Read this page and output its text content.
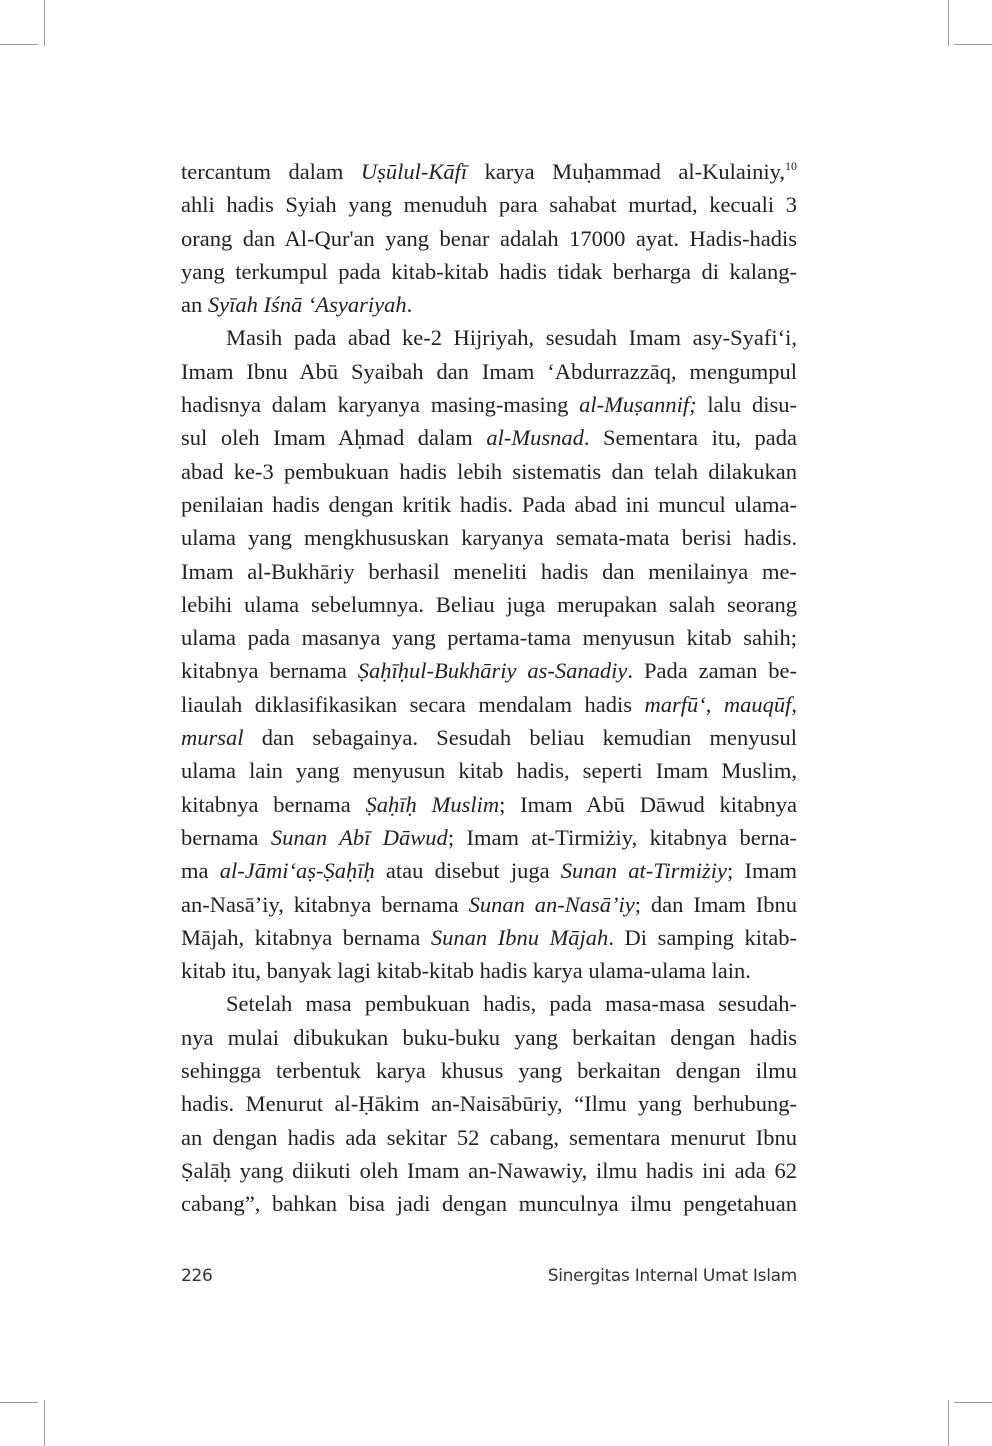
tercantum dalam Uṣūlul-Kāfī karya Muḥammad al-Kulainiy,$^{10}$
ahli hadis Syiah yang menuduh para sahabat murtad, kecuali 3
orang dan Al-Qur'an yang benar adalah 17000 ayat. Hadis-hadis
yang terkumpul pada kitab-kitab hadis tidak berharga di kalang-
an Syīah Iśnā ‘Asyariyah.
Masih pada abad ke-2 Hijriyah, sesudah Imam asy-Syafi‘i,
Imam Ibnu Abū Syaibah dan Imam ‘Abdurrazzāq, mengumpul
hadisnya dalam karyanya masing-masing al-Muṣannif; lalu disu-
sul oleh Imam Aḥmad dalam al-Musnad. Sementara itu, pada
abad ke-3 pembukuan hadis lebih sistematis dan telah dilakukan
penilaian hadis dengan kritik hadis. Pada abad ini muncul ulama-
ulama yang mengkhususkan karyanya semata-mata berisi hadis.
Imam al-Bukhāriy berhasil meneliti hadis dan menilainya me-
lebihi ulama sebelumnya. Beliau juga merupakan salah seorang
ulama pada masanya yang pertama-tama menyusun kitab sahih;
kitabnya bernama Ṣaḥīḥul-Bukhāriy as-Sanadiy. Pada zaman be-
liaulah diklasifikasikan secara mendalam hadis marfū‘, mauqūf,
mursal dan sebagainya. Sesudah beliau kemudian menyusul
ulama lain yang menyusun kitab hadis, seperti Imam Muslim,
kitabnya bernama Ṣaḥīḥ Muslim; Imam Abū Dāwud kitabnya
bernama Sunan Abī Dāwud; Imam at-Tirmiżiy, kitabnya berna-
ma al-Jāmi‘aṣ-Ṣaḥīḥ atau disebut juga Sunan at-Tirmiżiy; Imam
an-Nasā’iy, kitabnya bernama Sunan an-Nasā’iy; dan Imam Ibnu
Mājah, kitabnya bernama Sunan Ibnu Mājah. Di samping kitab-
kitab itu, banyak lagi kitab-kitab hadis karya ulama-ulama lain.
Setelah masa pembukuan hadis, pada masa-masa sesudah-
nya mulai dibukukan buku-buku yang berkaitan dengan hadis
sehingga terbentuk karya khusus yang berkaitan dengan ilmu
hadis. Menurut al-Ḥākim an-Naisābūriy, “Ilmu yang berhubung-
an dengan hadis ada sekitar 52 cabang, sementara menurut Ibnu
Ṣalāḥ yang diikuti oleh Imam an-Nawawiy, ilmu hadis ini ada 62
cabang”, bahkan bisa jadi dengan munculnya ilmu pengetahuan
226	Sinergitas Internal Umat Islam
